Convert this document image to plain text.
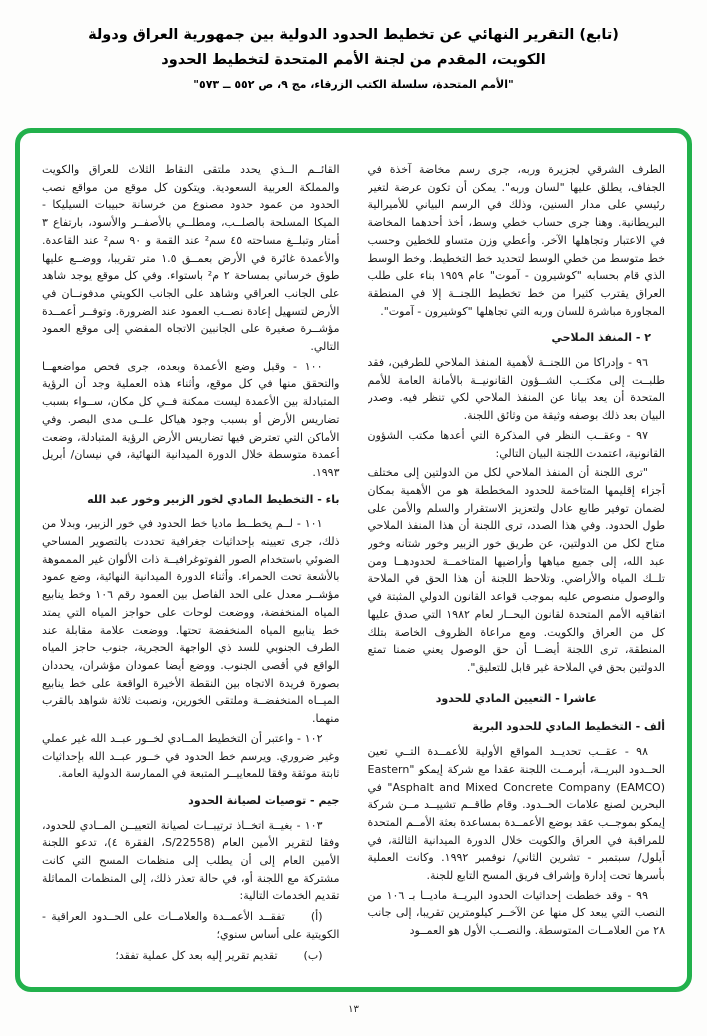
(تابع) التقرير النهائي عن تخطيط الحدود الدولية بين جمهورية العراق ودولة
الكويت، المقدم من لجنة الأمم المتحدة لتخطيط الحدود
"الأمم المتحدة، سلسلة الكتب الزرقاء، مج ٩، ص ٥٥٢ ــ ٥٧٣"
الطرف الشرقي لجزيرة وربه، جرى رسم مخاضة آخذة في الجفاف، يطلق عليها "لسان وربه". يمكن أن تكون عرضة لتغير رئيسي على مدار السنين، وذلك في الرسم البياني للأميرالية البريطانية. وهنا جرى حساب خطي وسط، أخذ أحدهما المخاضة في الاعتبار وتجاهلها الآخر. وأعطي وزن متساو للخطين وحسب خط متوسط من خطي الوسط لتحديد خط التخطيط. وخط الوسط الذي قام بحسابه "كوشيرون - آموت" عام ١٩٥٩ بناء على طلب العراق يقترب كثيرا من خط تخطيط اللجنــة إلا في المنطقة المجاورة مباشرة للسان وربه التي تجاهلها "كوشيرون - آموت".
٢ - المنفذ الملاحي
٩٦ - وإدراكا من اللجنــة لأهمية المنفذ الملاحي للطرفين، فقد طلبــت إلى مكتــب الشــؤون القانونيــة بالأمانة العامة للأمم المتحدة أن يعد بيانا عن المنفذ الملاحي لكي تنظر فيه. وصدر البيان بعد ذلك بوصفه وثيقة من وثائق اللجنة.
٩٧ - وعقــب النظر في المذكرة التي أعدها مكتب الشؤون القانونية، اعتمدت اللجنة البيان التالي:
"ترى اللجنة أن المنفذ الملاحي لكل من الدولتين إلى مختلف أجزاء إقليمها المتاخمة للحدود المخططة هو من الأهمية بمكان لضمان توفير طابع عادل ولتعزيز الاستقرار والسلم والأمن على طول الحدود. وفي هذا الصدد، ترى اللجنة أن هذا المنفذ الملاحي متاح لكل من الدولتين، عن طريق خور الزبير وخور شتانه وخور عبد الله، إلى جميع مياهها وأراضيها المتاخمــة لحدودهــا ومن تلــك المياه والأراضي. وتلاحظ اللجنة أن هذا الحق في الملاحة والوصول منصوص عليه بموجب قواعد القانون الدولي المثبتة في اتفاقيه الأمم المتحدة لقانون البحــار لعام ١٩٨٢ التي صدق عليها كل من العراق والكويت. ومع مراعاة الظروف الخاصة بتلك المنطقة، ترى اللجنة أيضــا أن حق الوصول يعني ضمنا تمتع الدولتين بحق في الملاحة غير قابل للتعليق".
عاشرا - التعيين المادي للحدود
ألف - التخطيط المادي للحدود البرية
٩٨ - عقــب تحديــد المواقع الأولية للأعمــدة التــي تعين الحــدود البريــة، أبرمــت اللجنة عقدا مع شركة إيمكو "Eastern Asphalt and Mixed Concrete Company (EAMCO)" في البحرين لصنع علامات الحــدود. وقام طاقــم تشييــد مــن شركة إيمكو بموجــب عقد بوضع الأعمــدة بمساعدة بعثة الأمــم المتحدة للمراقبة في العراق والكويت خلال الدورة الميدانية الثالثة، في أيلول/ سبتمبر - تشرين الثاني/ نوفمبر ١٩٩٢. وكانت العملية بأسرها تحت إدارة وإشراف فريق المسح التابع للجنة.
٩٩ - وقد خططت إحداثيات الحدود البريــة ماديــا بـ ١٠٦ من النصب التي يبعد كل منها عن الآخــر كيلومترين تقريبا، إلى جانب ٢٨ من العلامــات المتوسطة. والنصــب الأول هو العمــود
القائــم الــذي يحدد ملتقى النقاط الثلاث للعراق والكويت والمملكة العربية السعودية. ويتكون كل موقع من مواقع نصب الحدود من عمود حدود مصنوع من خرسانة حبيبات السيليكا - الميكا المسلحة بالصلــب، ومطلــي بالأصفــر والأسود، بارتفاع ٣ أمتار وتبلــغ مساحته ٤٥ سم² عند القمة و ٩٠ سم² عند القاعدة. والأعمدة غائرة في الأرض بعمــق ١.٥ متر تقريبا، ووضــع عليها طوق خرساني بمساحة ٢ م² باستواء. وفي كل موقع يوجد شاهد على الجانب العراقي وشاهد على الجانب الكويتي مدفونــان في الأرض لتسهيل إعادة نصــب العمود عند الضرورة. وتوفــر أعمــدة مؤشــرة صغيرة على الجانبين الاتجاه المفضي إلى موقع العمود التالي.
١٠٠ - وقبل وضع الأعمدة وبعده، جرى فحص مواضعهــا والتحقق منها في كل موقع، وأثناء هذه العملية وجد أن الرؤية المتبادلة بين الأعمدة ليست ممكنة فــي كل مكان، ســواء بسبب تضاريس الأرض أو بسبب وجود هياكل علــى مدى البصر. وفي الأماكن التي تعترض فيها تضاريس الأرض الرؤية المتبادلة، وضعت أعمدة متوسطة خلال الدورة الميدانية النهائية، في نيسان/ أبريل ١٩٩٣.
باء - التخطيط المادي لخور الزبير وخور عبد الله
١٠١ - لــم يخطــط ماديا خط الحدود في خور الزبير، وبدلا من ذلك، جرى تعيينه بإحداثيات جغرافية تحددت بالتصوير المساحي الضوئي باستخدام الصور الفوتوغرافيــة ذات الألوان غير الممموهة بالأشعة تحت الحمراء. وأثناء الدورة الميدانية النهائية، وضع عمود مؤشــر معدل على الحد الفاصل بين العمود رقم ١٠٦ وخط ينابيع المياه المنخفضة، ووضعت لوحات على حواجز المياه التي يمتد خط ينابيع المياه المنخفضة تحتها. ووضعت علامة مقابلة عند الطرف الجنوبي للسد ذي الواجهة الحجرية، جنوب حاجز المياه الواقع في أقصى الجنوب. ووضع أيضا عمودان مؤشران، يحددان بصورة فريدة الاتجاه بين النقطة الأخيرة الواقعة على خط ينابيع الميــاه المنخفضــة وملتقى الخورين، ونصبت ثلاثة شواهد بالقرب منهما.
١٠٢ - واعتبر أن التخطيط المــادي لخــور عبــد الله غير عملي وغير ضروري. ويرسم خط الحدود في خــور عبــد الله بإحداثيات ثابتة موثقة وفقا للمعاييــر المتبعة في الممارسة الدولية العامة.
جيم - توصيات لصيانة الحدود
١٠٣ - بغيــة اتخــاذ ترتيبــات لصيانة التعييــن المــادي للحدود، وفقا لتقرير الأمين العام (S/22558، الفقرة ٤)، تدعو اللجنة الأمين العام إلى أن يطلب إلى منظمات المسح التي كانت مشتركة مع اللجنة أو، في حالة تعذر ذلك، إلى المنظمات المماثلة تقديم الخدمات التالية:
(أ)تفقــد الأعمــدة والعلامــات على الحــدود العراقية - الكويتية على أساس سنوي؛
(ب)تقديم تقرير إليه بعد كل عملية تفقد؛
١٣
